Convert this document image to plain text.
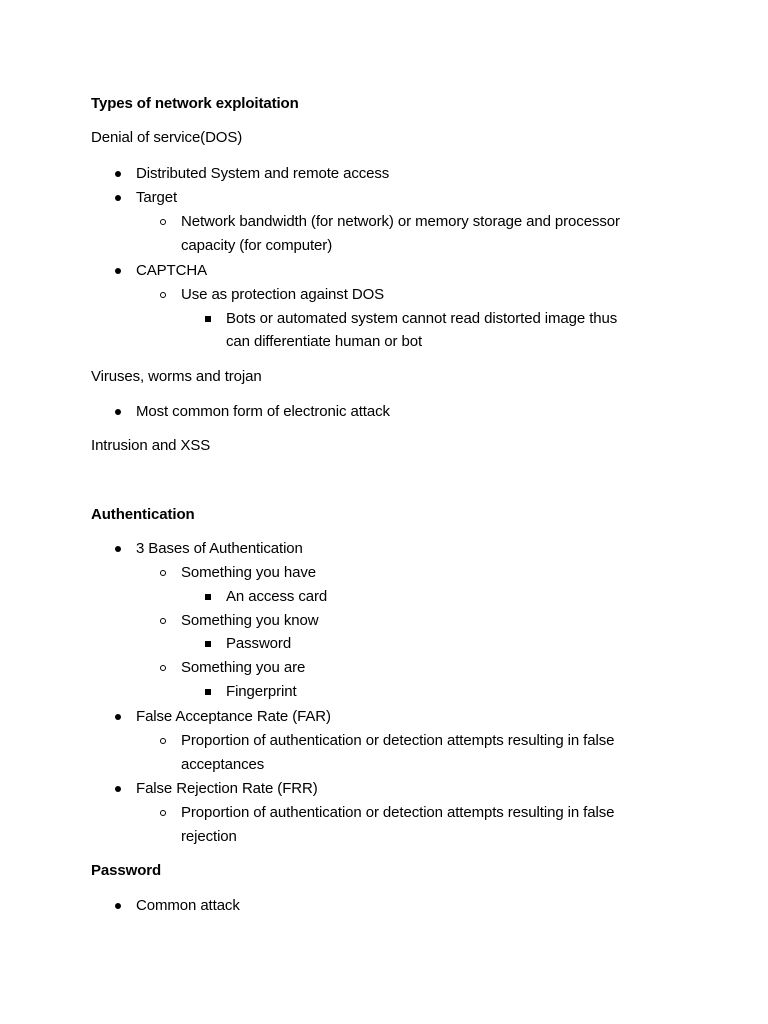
Types of network exploitation
Denial of service(DOS)
Distributed System and remote access
Target
Network bandwidth (for network) or memory storage and processor
capacity (for computer)
CAPTCHA
Use as protection against DOS
Bots or automated system cannot read distorted image thus
can differentiate human or bot
Viruses, worms and trojan
Most common form of electronic attack
Intrusion and XSS
Authentication
3 Bases of Authentication
Something you have
An access card
Something you know
Password
Something you are
Fingerprint
False Acceptance Rate (FAR)
Proportion of authentication or detection attempts resulting in false
acceptances
False Rejection Rate (FRR)
Proportion of authentication or detection attempts resulting in false
rejection
Password
Common attack
